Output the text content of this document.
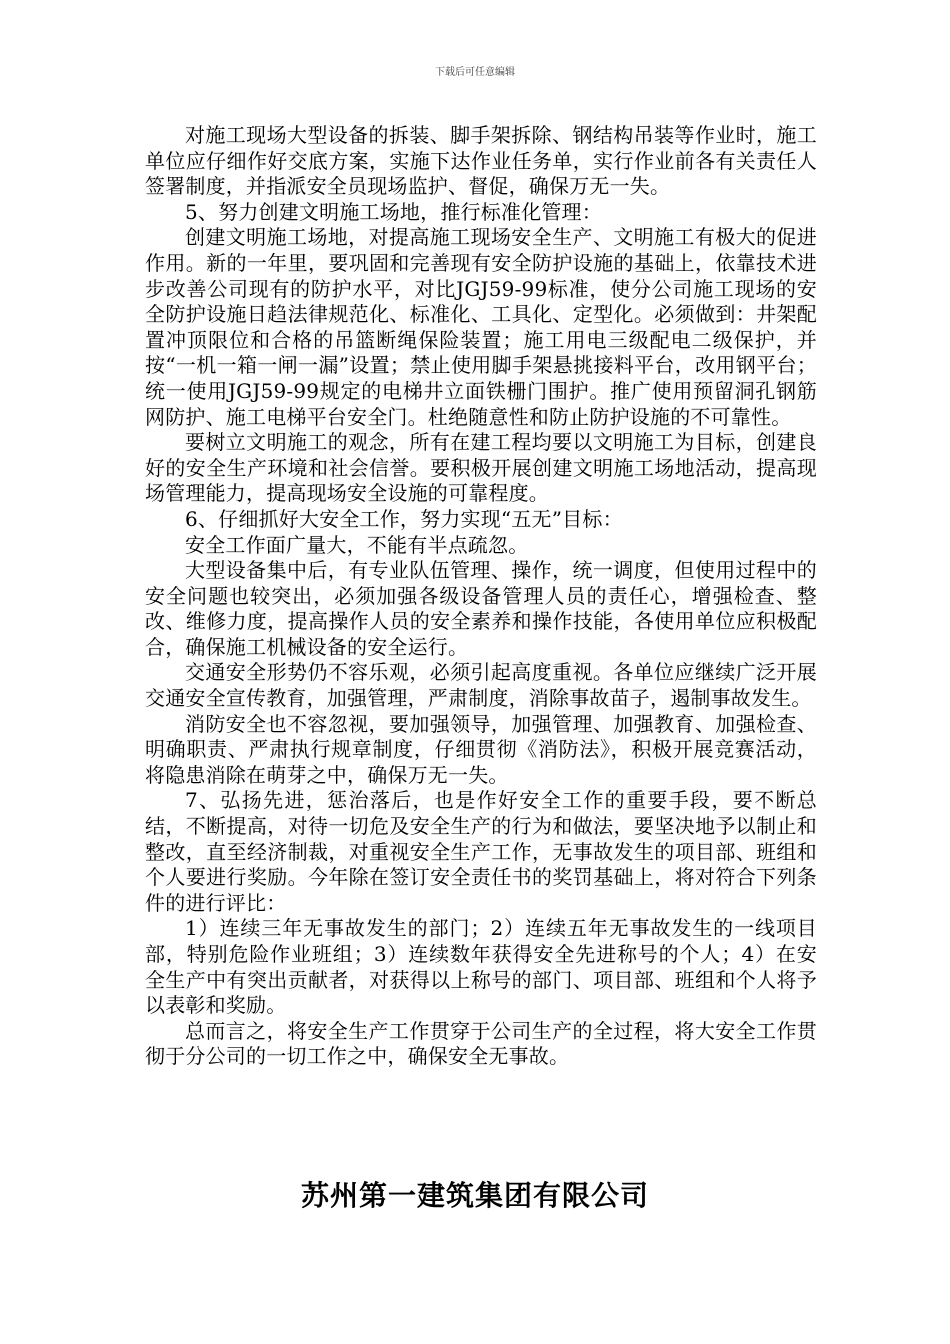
下载后可任意编辑

对施工现场大型设备的拆装、脚手架拆除、钢结构吊装等作业时，施工单位应仔细作好交底方案，实施下达作业任务单，实行作业前各有关责任人签署制度，并指派安全员现场监护、督促，确保万无一失。

5、努力创建文明施工场地，推行标准化管理：

创建文明施工场地，对提高施工现场安全生产、文明施工有极大的促进作用。新的一年里，要巩固和完善现有安全防护设施的基础上，依靠技术进步改善公司现有的防护水平，对比JGJ59-99标准，使分公司施工现场的安全防护设施日趋法律规范化、标准化、工具化、定型化。必须做到：井架配置冲顶限位和合格的吊篮断绳保险装置；施工用电三级配电二级保护，并按“一机一箱一闸一漏”设置；禁止使用脚手架悬挑接料平台，改用钢平台；统一使用JGJ59-99规定的电梯井立面铁栅门围护。推广使用预留洞孔钢筋网防护、施工电梯平台安全门。杜绝随意性和防止防护设施的不可靠性。

要树立文明施工的观念，所有在建工程均要以文明施工为目标，创建良好的安全生产环境和社会信誉。要积极开展创建文明施工场地活动，提高现场管理能力，提高现场安全设施的可靠程度。

6、仔细抓好大安全工作，努力实现“五无”目标：

安全工作面广量大，不能有半点疏忽。

大型设备集中后，有专业队伍管理、操作，统一调度，但使用过程中的安全问题也较突出，必须加强各级设备管理人员的责任心，增强检查、整改、维修力度，提高操作人员的安全素养和操作技能，各使用单位应积极配合，确保施工机械设备的安全运行。

交通安全形势仍不容乐观，必须引起高度重视。各单位应继续广泛开展交通安全宣传教育，加强管理，严肃制度，消除事故苗子，遏制事故发生。

消防安全也不容忽视，要加强领导，加强管理、加强教育、加强检查、明确职责、严肃执行规章制度，仔细贯彻《消防法》，积极开展竞赛活动，将隐患消除在萌芽之中，确保万无一失。

7、弘扬先进，惩治落后，也是作好安全工作的重要手段，要不断总结，不断提高，对待一切危及安全生产的行为和做法，要坚决地予以制止和整改，直至经济制裁，对重视安全生产工作，无事故发生的项目部、班组和个人要进行奖励。今年除在签订安全责任书的奖罚基础上，将对符合下列条件的进行评比：

1）连续三年无事故发生的部门；2）连续五年无事故发生的一线项目部，特别危险作业班组；3）连续数年获得安全先进称号的个人；4）在安全生产中有突出贡献者，对获得以上称号的部门、项目部、班组和个人将予以表彰和奖励。

总而言之，将安全生产工作贯穿于公司生产的全过程，将大安全工作贯彻于分公司的一切工作之中，确保安全无事故。

苏州第一建筑集团有限公司
